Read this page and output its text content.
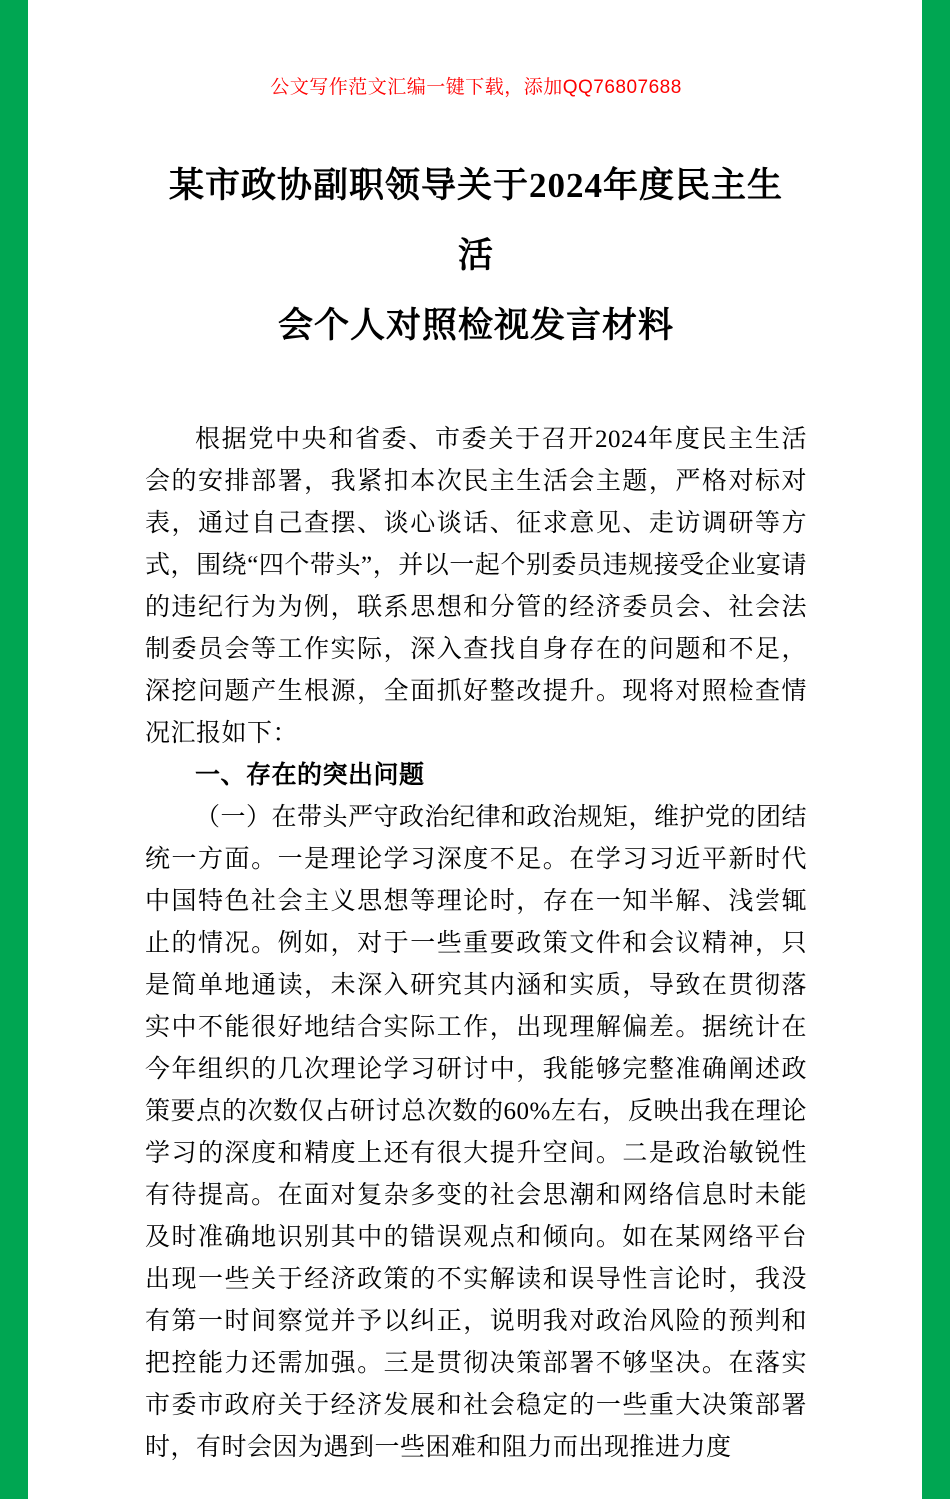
公文写作范文汇编一键下载，添加QQ76807688

某市政协副职领导关于2024年度民主生活
会个人对照检视发言材料

根据党中央和省委、市委关于召开2024年度民主生活会的安排部署，我紧扣本次民主生活会主题，严格对标对表，通过自己查摆、谈心谈话、征求意见、走访调研等方式，围绕“四个带头”，并以一起个别委员违规接受企业宴请的违纪行为为例，联系思想和分管的经济委员会、社会法制委员会等工作实际，深入查找自身存在的问题和不足，深挖问题产生根源，全面抓好整改提升。现将对照检查情况汇报如下：

一、存在的突出问题

（一）在带头严守政治纪律和政治规矩，维护党的团结统一方面。一是理论学习深度不足。在学习习近平新时代中国特色社会主义思想等理论时，存在一知半解、浅尝辄止的情况。例如，对于一些重要政策文件和会议精神，只是简单地通读，未深入研究其内涵和实质，导致在贯彻落实中不能很好地结合实际工作，出现理解偏差。据统计在今年组织的几次理论学习研讨中，我能够完整准确阐述政策要点的次数仅占研讨总次数的60%左右，反映出我在理论学习的深度和精度上还有很大提升空间。二是政治敏锐性有待提高。在面对复杂多变的社会思潮和网络信息时未能及时准确地识别其中的错误观点和倾向。如在某网络平台出现一些关于经济政策的不实解读和误导性言论时，我没有第一时间察觉并予以纠正，说明我对政治风险的预判和把控能力还需加强。三是贯彻决策部署不够坚决。在落实市委市政府关于经济发展和社会稳定的一些重大决策部署时，有时会因为遇到一些困难和阻力而出现推进力度
